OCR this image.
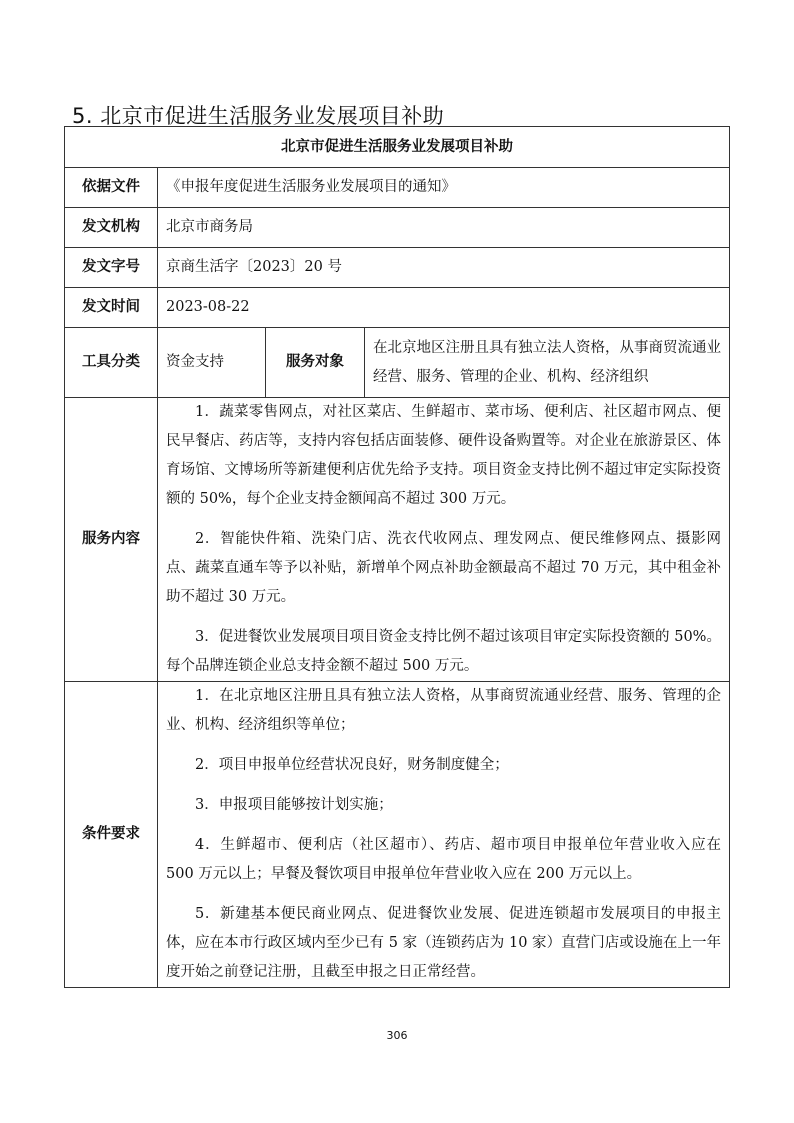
5. 北京市促进生活服务业发展项目补助
北京市促进生活服务业发展项目补助			
依据文件	《申报年度促进生活服务业发展项目的通知》		
发文机构	北京市商务局		
发文字号	京商生活字〔2023〕20 号		
发文时间	2023-08-22		
工具分类	资金支持	服务对象	在北京地区注册且具有独立法人资格，从事商贸流通业经营、服务、管理的企业、机构、经济组织
服务内容	1．蔬菜零售网点，对社区菜店、生鲜超市、菜市场、便利店、社区超市网点、便民早餐店、药店等，支持内容包括店面装修、硬件设备购置等。对企业在旅游景区、体育场馆、文博场所等新建便利店优先给予支持。项目资金支持比例不超过审定实际投资额的 50%，每个企业支持金额闻高不超过 300 万元。

2．智能快件箱、洗染门店、洗衣代收网点、理发网点、便民维修网点、摄影网点、蔬菜直通车等予以补贴，新增单个网点补助金额最高不超过 70 万元，其中租金补助不超过 30 万元。

3．促进餐饮业发展项目项目资金支持比例不超过该项目审定实际投资额的 50%。每个品牌连锁企业总支持金额不超过 500 万元。		

条件要求	1．在北京地区注册且具有独立法人资格，从事商贸流通业经营、服务、管理的企业、机构、经济组织等单位；

2．项目申报单位经营状况良好，财务制度健全；

3．申报项目能够按计划实施；

4．生鲜超市、便利店（社区超市）、药店、超市项目申报单位年营业收入应在 500 万元以上；早餐及餐饮项目申报单位年营业收入应在 200 万元以上。

5．新建基本便民商业网点、促进餐饮业发展、促进连锁超市发展项目的申报主体，应在本市行政区域内至少已有 5 家（连锁药店为 10 家）直营门店或设施在上一年度开始之前登记注册，且截至申报之日正常经营。		

306
